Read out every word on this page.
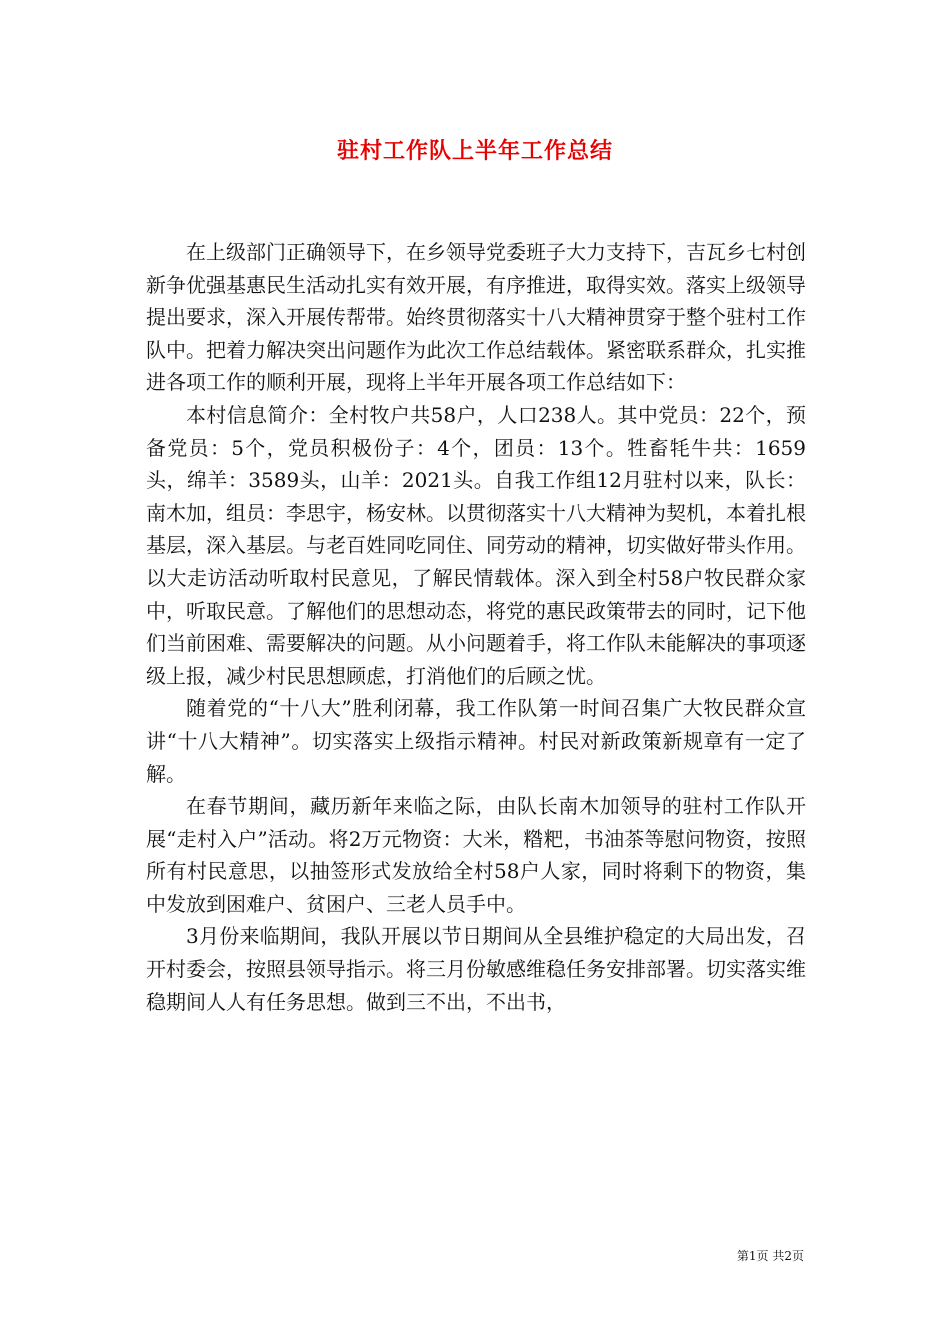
驻村工作队上半年工作总结

在上级部门正确领导下，在乡领导党委班子大力支持下，吉瓦乡七村创新争优强基惠民生活动扎实有效开展，有序推进，取得实效。落实上级领导提出要求，深入开展传帮带。始终贯彻落实十八大精神贯穿于整个驻村工作队中。把着力解决突出问题作为此次工作总结载体。紧密联系群众，扎实推进各项工作的顺利开展，现将上半年开展各项工作总结如下：

本村信息简介：全村牧户共58户，人口238人。其中党员：22个，预备党员：5个，党员积极份子：4个，团员：13个。牲畜牦牛共：1659头，绵羊：3589头，山羊：2021头。自我工作组12月驻村以来，队长：南木加，组员：李思宇，杨安林。以贯彻落实十八大精神为契机，本着扎根基层，深入基层。与老百姓同吃同住、同劳动的精神，切实做好带头作用。以大走访活动听取村民意见，了解民情载体。深入到全村58户牧民群众家中，听取民意。了解他们的思想动态，将党的惠民政策带去的同时，记下他们当前困难、需要解决的问题。从小问题着手，将工作队未能解决的事项逐级上报，减少村民思想顾虑，打消他们的后顾之忧。

随着党的“十八大”胜利闭幕，我工作队第一时间召集广大牧民群众宣讲“十八大精神”。切实落实上级指示精神。村民对新政策新规章有一定了解。

在春节期间，藏历新年来临之际，由队长南木加领导的驻村工作队开展“走村入户”活动。将2万元物资：大米，糌粑，书油茶等慰问物资，按照所有村民意思，以抽签形式发放给全村58户人家，同时将剩下的物资，集中发放到困难户、贫困户、三老人员手中。

3月份来临期间，我队开展以节日期间从全县维护稳定的大局出发，召开村委会，按照县领导指示。将三月份敏感维稳任务安排部署。切实落实维稳期间人人有任务思想。做到三不出，不出书，

第1页 共2页
